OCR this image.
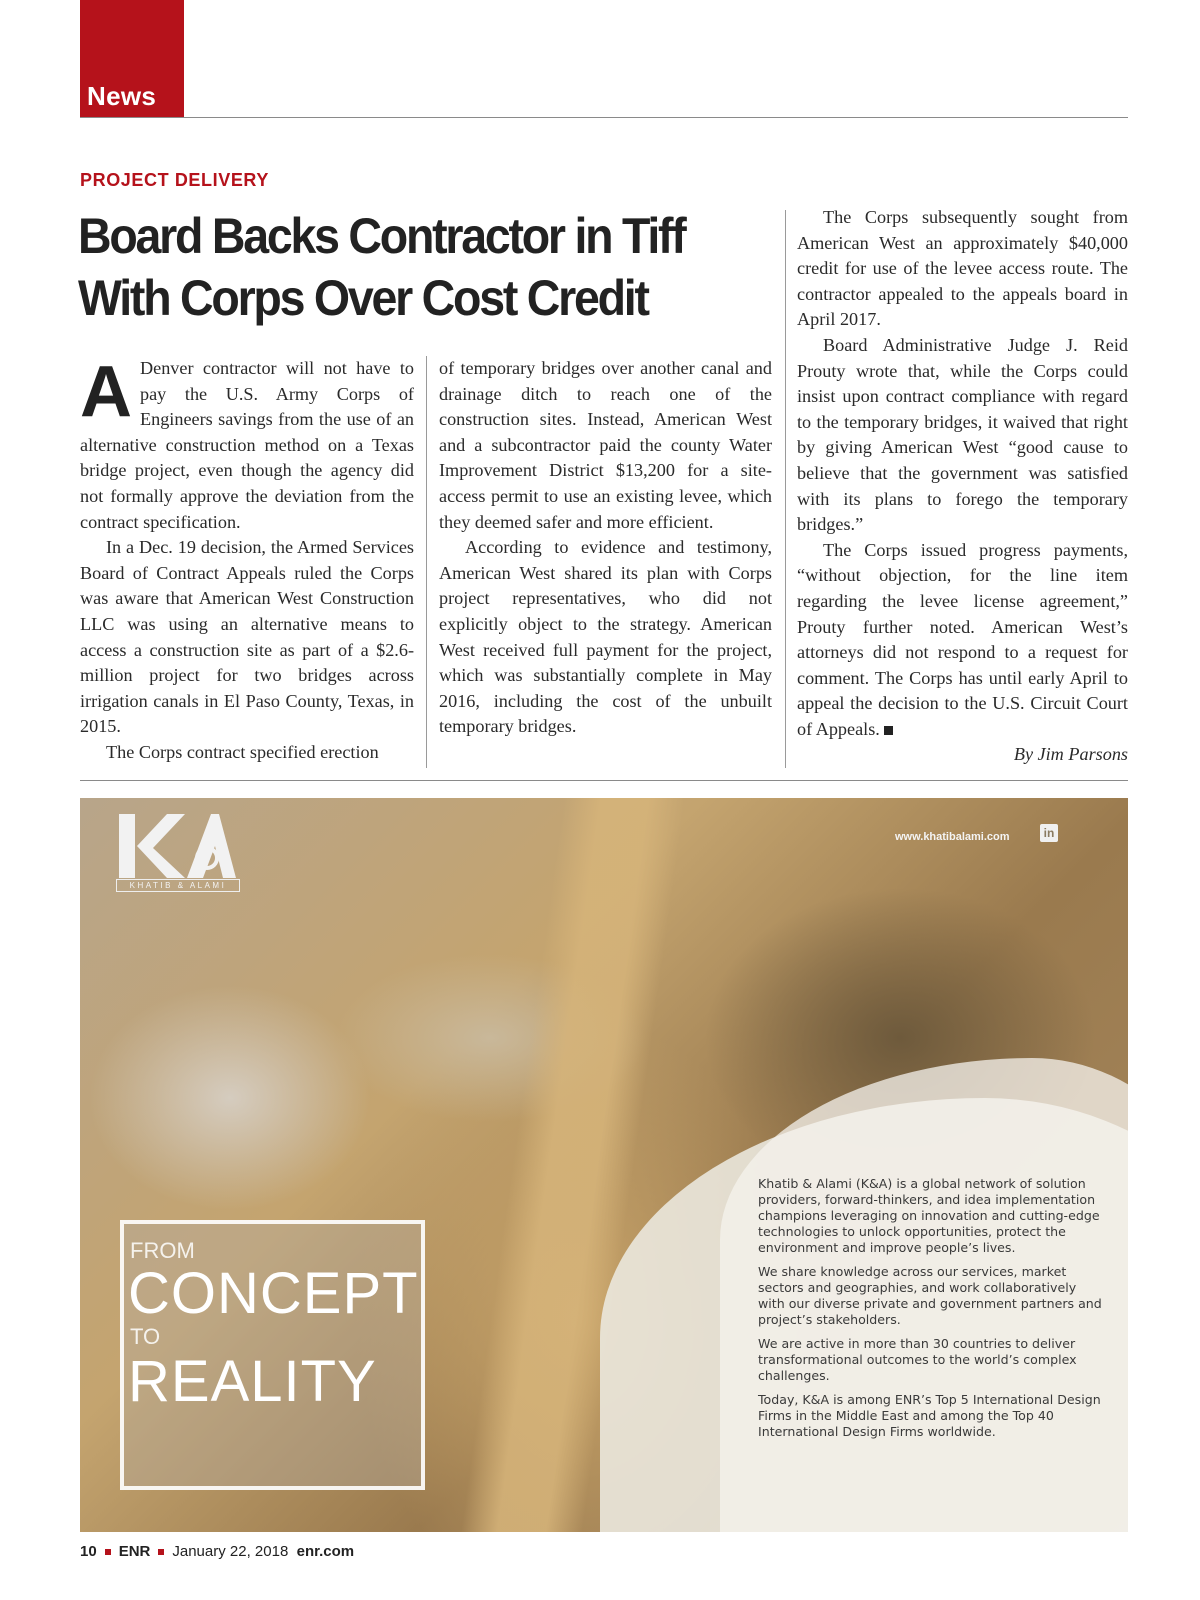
News
PROJECT DELIVERY
Board Backs Contractor in Tiff
With Corps Over Cost Credit

A Denver contractor will not have to pay the U.S. Army Corps of Engineers savings from the use of an alternative construction method on a Texas bridge project, even though the agency did not formally approve the deviation from the contract specification.

In a Dec. 19 decision, the Armed Services Board of Contract Appeals ruled the Corps was aware that American West Construction LLC was using an alternative means to access a construction site as part of a $2.6-million project for two bridges across irrigation canals in El Paso County, Texas, in 2015.

The Corps contract specified erection

of temporary bridges over another canal and drainage ditch to reach one of the construction sites. Instead, American West and a subcontractor paid the county Water Improvement District $13,200 for a site-access permit to use an existing levee, which they deemed safer and more efficient.

According to evidence and testimony, American West shared its plan with Corps project representatives, who did not explicitly object to the strategy. American West received full payment for the project, which was substantially complete in May 2016, including the cost of the unbuilt temporary bridges.

The Corps subsequently sought from American West an approximately $40,000 credit for use of the levee access route. The contractor appealed to the appeals board in April 2017.

Board Administrative Judge J. Reid Prouty wrote that, while the Corps could insist upon contract compliance with regard to the temporary bridges, it waived that right by giving American West “good cause to believe that the government was satisfied with its plans to forego the temporary bridges.”

The Corps issued progress payments, “without objection, for the line item regarding the levee license agreement,” Prouty further noted. American West’s attorneys did not respond to a request for comment. The Corps has until early April to appeal the decision to the U.S. Circuit Court of Appeals.

By Jim Parsons

KHATIB & ALAMI
www.khatibalami.com	in
FROM
CONCEPT
TO
REALITY

Khatib & Alami (K&A) is a global network of solution providers, forward-thinkers, and idea implementation champions leveraging on innovation and cutting-edge technologies to unlock opportunities, protect the environment and improve people’s lives.

We share knowledge across our services, market sectors and geographies, and work collaboratively with our diverse private and government partners and project’s stakeholders.

We are active in more than 30 countries to deliver transformational outcomes to the world’s complex challenges.

Today, K&A is among ENR’s Top 5 International Design Firms in the Middle East and among the Top 40 International Design Firms worldwide.

10 ENR January 22, 2018 enr.com
